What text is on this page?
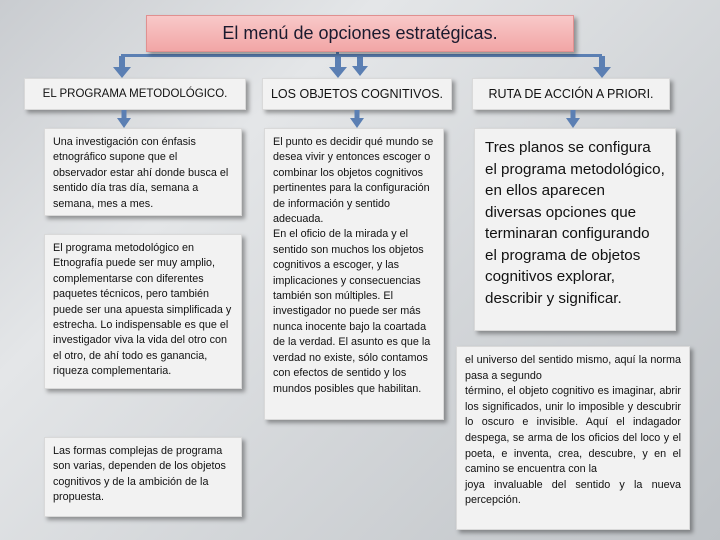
El menú de opciones estratégicas.
EL PROGRAMA METODOLÓGICO.	LOS OBJETOS COGNITIVOS.	RUTA DE ACCIÓN A PRIORI.
Una investigación con énfasis etnográfico supone que el observador estar ahí donde busca el sentido día tras día, semana a semana, mes a mes.
El programa metodológico en Etnografía puede ser muy amplio, complementarse con diferentes paquetes técnicos, pero también puede ser una apuesta simplificada y estrecha. Lo indispensable es que el investigador viva la vida del otro con el otro, de ahí todo es ganancia, riqueza complementaria.
Las formas complejas de programa son varias, dependen de los objetos cognitivos y de la ambición de la propuesta.
El punto es decidir qué mundo se desea vivir y entonces escoger o combinar los objetos cognitivos pertinentes para la configuración de información y sentido adecuada.
En el oficio de la mirada y el sentido son muchos los objetos cognitivos a escoger, y las implicaciones y consecuencias también son múltiples. El investigador no puede ser más nunca inocente bajo la coartada de la verdad. El asunto es que la verdad no existe, sólo contamos con efectos de sentido y los mundos posibles que habilitan.
Tres planos se configura el programa metodológico, en ellos aparecen diversas opciones que terminaran configurando el programa de objetos cognitivos explorar, describir y significar.
el universo del sentido mismo, aquí la norma pasa a segundo
término, el objeto cognitivo es imaginar, abrir los significados, unir lo imposible y descubrir lo oscuro e invisible. Aquí el indagador despega, se arma de los oficios del loco y el poeta, e inventa, crea, descubre, y en el camino se encuentra con la
joya invaluable del sentido y la nueva percepción.
